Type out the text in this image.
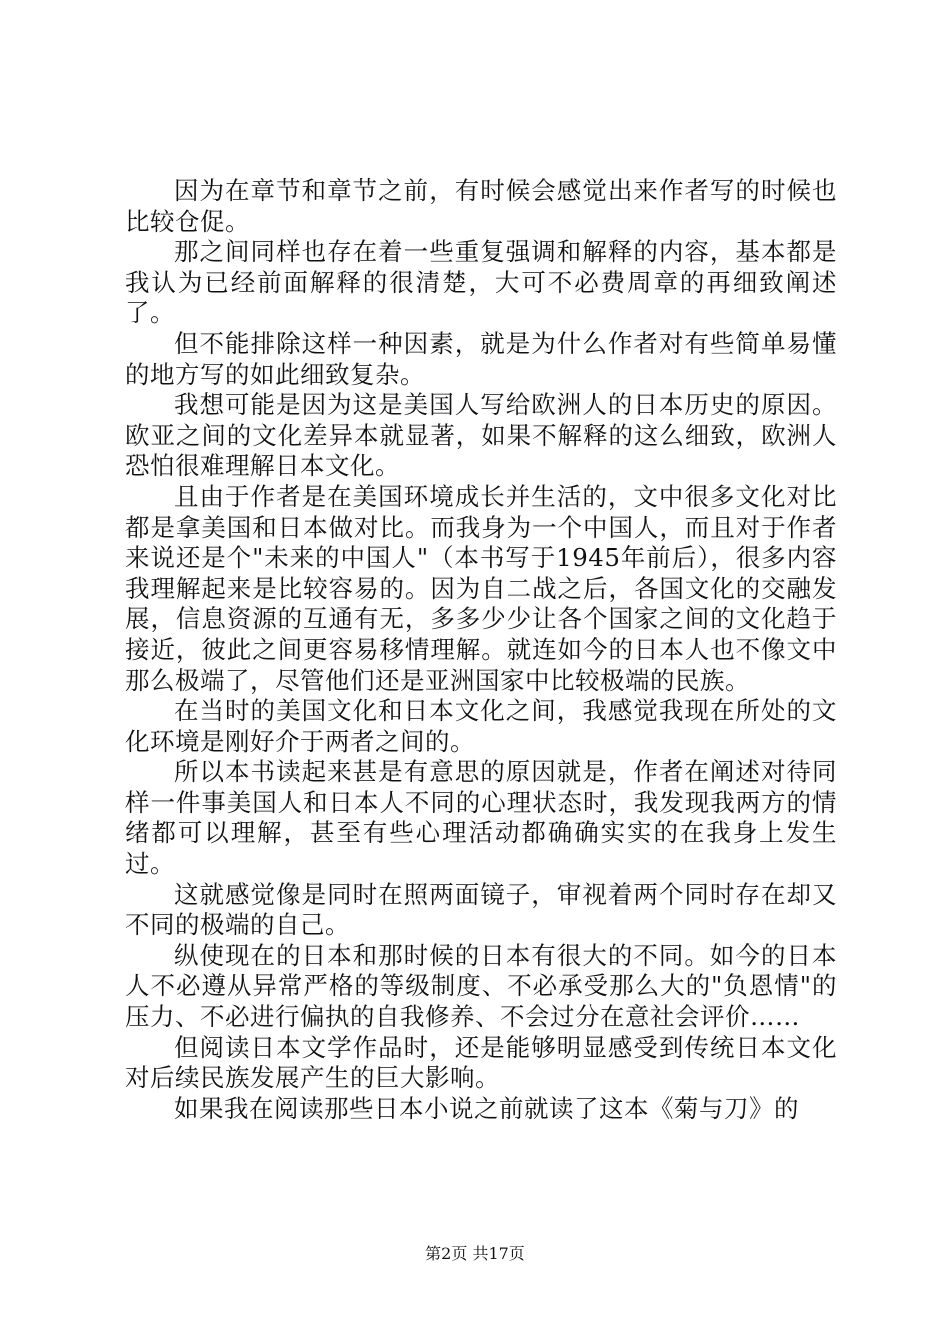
因为在章节和章节之前，有时候会感觉出来作者写的时候也比较仓促。

那之间同样也存在着一些重复强调和解释的内容，基本都是我认为已经前面解释的很清楚，大可不必费周章的再细致阐述了。

但不能排除这样一种因素，就是为什么作者对有些简单易懂的地方写的如此细致复杂。

我想可能是因为这是美国人写给欧洲人的日本历史的原因。欧亚之间的文化差异本就显著，如果不解释的这么细致，欧洲人恐怕很难理解日本文化。

且由于作者是在美国环境成长并生活的，文中很多文化对比都是拿美国和日本做对比。而我身为一个中国人，而且对于作者来说还是个"未来的中国人"（本书写于1945年前后），很多内容我理解起来是比较容易的。因为自二战之后，各国文化的交融发展，信息资源的互通有无，多多少少让各个国家之间的文化趋于接近，彼此之间更容易移情理解。就连如今的日本人也不像文中那么极端了，尽管他们还是亚洲国家中比较极端的民族。

在当时的美国文化和日本文化之间，我感觉我现在所处的文化环境是刚好介于两者之间的。

所以本书读起来甚是有意思的原因就是，作者在阐述对待同样一件事美国人和日本人不同的心理状态时，我发现我两方的情绪都可以理解，甚至有些心理活动都确确实实的在我身上发生过。

这就感觉像是同时在照两面镜子，审视着两个同时存在却又不同的极端的自己。

纵使现在的日本和那时候的日本有很大的不同。如今的日本人不必遵从异常严格的等级制度、不必承受那么大的"负恩情"的压力、不必进行偏执的自我修养、不会过分在意社会评价……

但阅读日本文学作品时，还是能够明显感受到传统日本文化对后续民族发展产生的巨大影响。

如果我在阅读那些日本小说之前就读了这本《菊与刀》的

第2页 共17页
